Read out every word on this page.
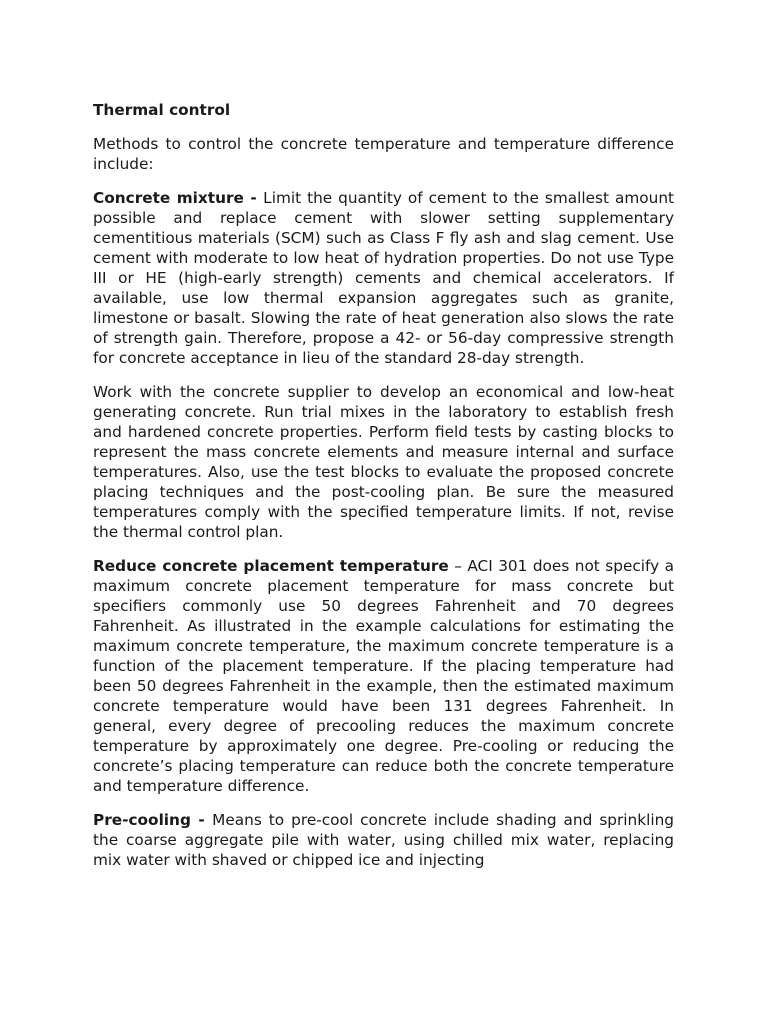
Thermal control

Methods to control the concrete temperature and temperature difference include:

Concrete mixture - Limit the quantity of cement to the smallest amount possible and replace cement with slower setting supplementary cementitious materials (SCM) such as Class F fly ash and slag cement. Use cement with moderate to low heat of hydration properties. Do not use Type III or HE (high-early strength) cements and chemical accelerators. If available, use low thermal expansion aggregates such as granite, limestone or basalt. Slowing the rate of heat generation also slows the rate of strength gain. Therefore, propose a 42- or 56-day compressive strength for concrete acceptance in lieu of the standard 28-day strength.

Work with the concrete supplier to develop an economical and low-heat generating concrete. Run trial mixes in the laboratory to establish fresh and hardened concrete properties. Perform field tests by casting blocks to represent the mass concrete elements and measure internal and surface temperatures. Also, use the test blocks to evaluate the proposed concrete placing techniques and the post-cooling plan. Be sure the measured temperatures comply with the specified temperature limits. If not, revise the thermal control plan.

Reduce concrete placement temperature – ACI 301 does not specify a maximum concrete placement temperature for mass concrete but specifiers commonly use 50 degrees Fahrenheit and 70 degrees Fahrenheit. As illustrated in the example calculations for estimating the maximum concrete temperature, the maximum concrete temperature is a function of the placement temperature. If the placing temperature had been 50 degrees Fahrenheit in the example, then the estimated maximum concrete temperature would have been 131 degrees Fahrenheit. In general, every degree of precooling reduces the maximum concrete temperature by approximately one degree. Pre-cooling or reducing the concrete’s placing temperature can reduce both the concrete temperature and temperature difference.

Pre-cooling - Means to pre-cool concrete include shading and sprinkling the coarse aggregate pile with water, using chilled mix water, replacing mix water with shaved or chipped ice and injecting
